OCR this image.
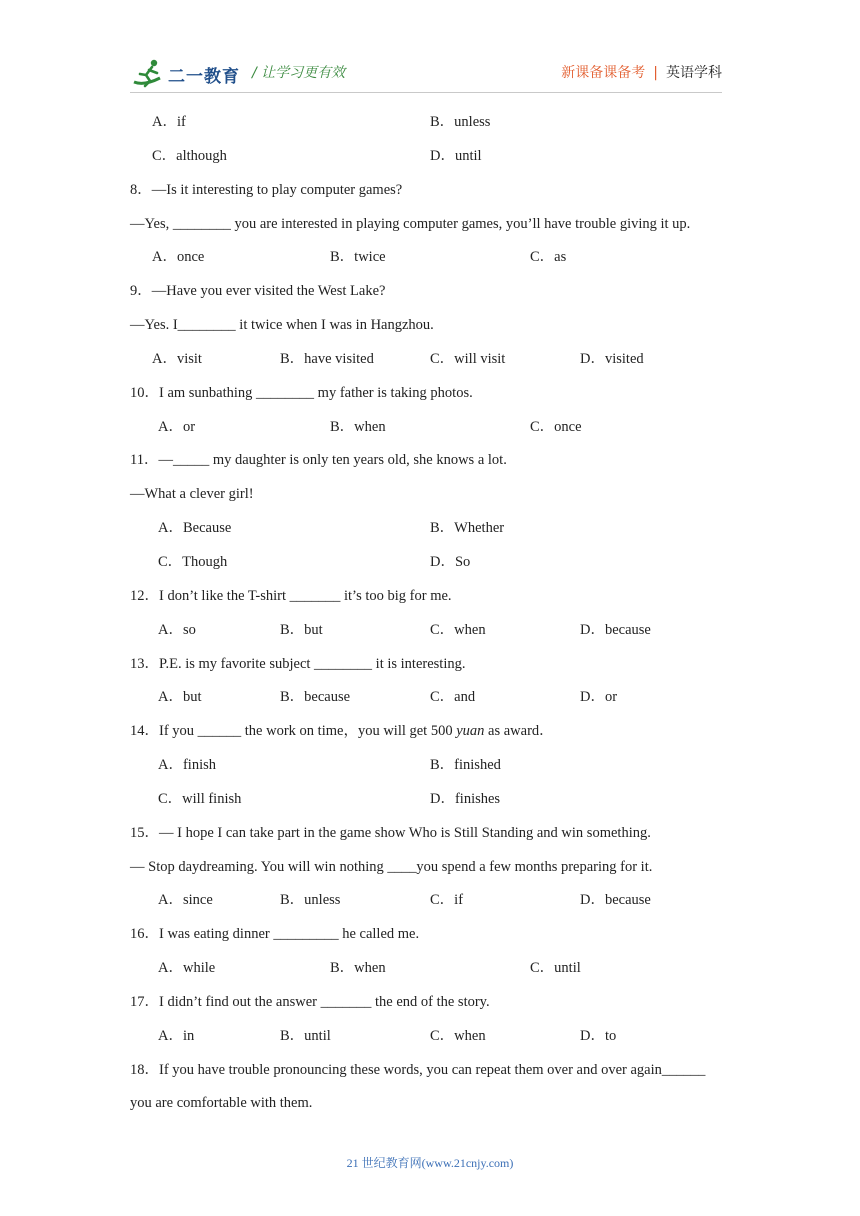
二一教育 / 让学习更有效	新课备课备考 | 英语学科
A．if	B．unless
C．although	D．until
8．—Is it interesting to play computer games?
—Yes, ________ you are interested in playing computer games, you’ll have trouble giving it up.
A．once	B．twice	C．as
9．—Have you ever visited the West Lake?
—Yes. I________ it twice when I was in Hangzhou.
A．visit	B．have visited	C．will visit	D．visited
10．I am sunbathing ________ my father is taking photos.
A．or	B．when	C．once
11．—_____ my daughter is only ten years old, she knows a lot.
—What a clever girl!
A．Because	B．Whether
C．Though	D．So
12．I don’t like the T-shirt _______ it’s too big for me.
A．so	B．but	C．when	D．because
13．P.E. is my favorite subject ________ it is interesting.
A．but	B．because	C．and	D．or
14．If you ______ the work on time，you will get 500 yuan as award．
A．finish	B．finished
C．will finish	D．finishes
15．— I hope I can take part in the game show Who is Still Standing and win something.
— Stop daydreaming. You will win nothing ____you spend a few months preparing for it.
A．since	B．unless	C．if	D．because
16．I was eating dinner _________ he called me.
A．while	B．when	C．until
17．I didn’t find out the answer _______ the end of the story.
A．in	B．until	C．when	D．to
18．If you have trouble pronouncing these words, you can repeat them over and over again______
you are comfortable with them.
21 世纪教育网(www.21cnjy.com)
